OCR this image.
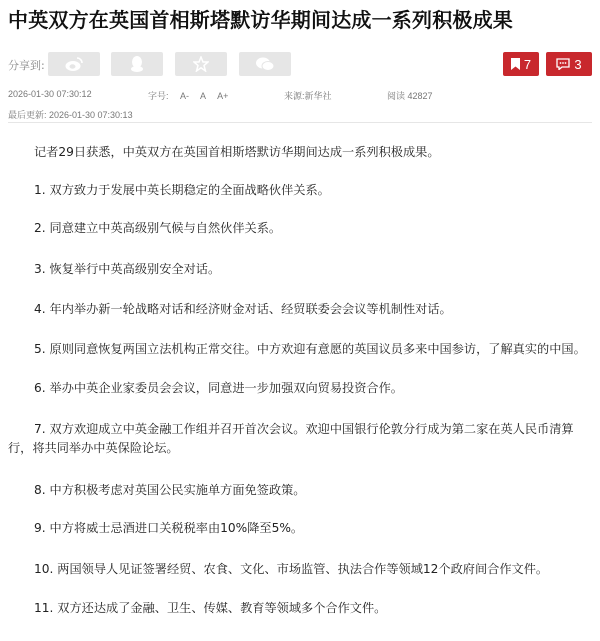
中英双方在英国首相斯塔默访华期间达成一系列积极成果
分享到:	7	3
2026-01-30 07:30:12	字号: A- A A+	来源:新华社	阅读 42827
最后更新: 2026-01-30 07:30:13
记者29日获悉，中英双方在英国首相斯塔默访华期间达成一系列积极成果。
1. 双方致力于发展中英长期稳定的全面战略伙伴关系。
2. 同意建立中英高级别气候与自然伙伴关系。
3. 恢复举行中英高级别安全对话。
4. 年内举办新一轮战略对话和经济财金对话、经贸联委会会议等机制性对话。
5. 原则同意恢复两国立法机构正常交往。中方欢迎有意愿的英国议员多来中国参访，了解真实的中国。
6. 举办中英企业家委员会会议，同意进一步加强双向贸易投资合作。
7. 双方欢迎成立中英金融工作组并召开首次会议。欢迎中国银行伦敦分行成为第二家在英人民币清算行，将共同举办中英保险论坛。
8. 中方积极考虑对英国公民实施单方面免签政策。
9. 中方将威士忌酒进口关税税率由10%降至5%。
10. 两国领导人见证签署经贸、农食、文化、市场监管、执法合作等领域12个政府间合作文件。
11. 双方还达成了金融、卫生、传媒、教育等领域多个合作文件。
